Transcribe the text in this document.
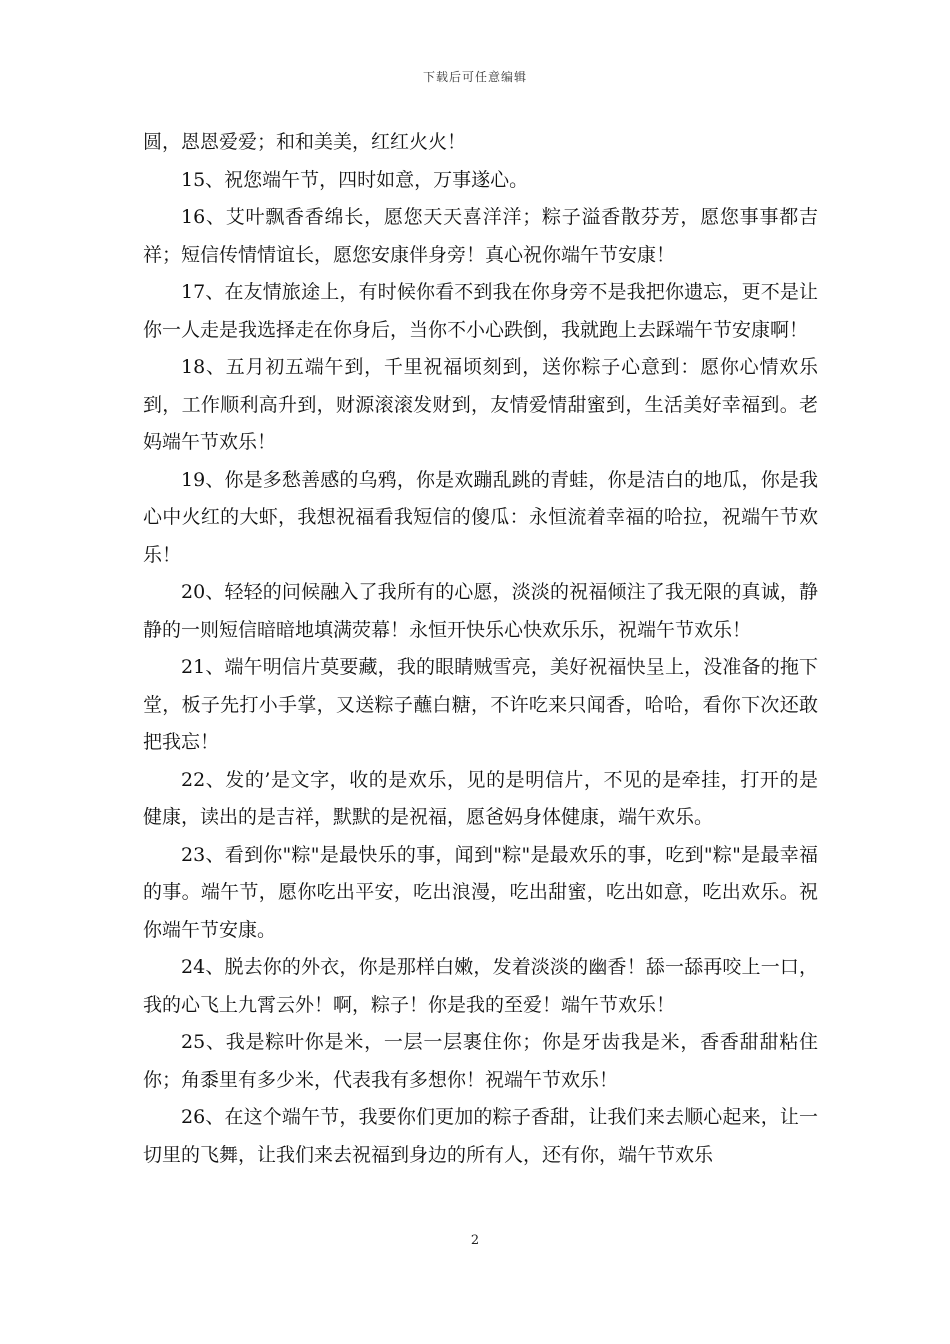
下载后可任意编辑

圆，恩恩爱爱；和和美美，红红火火！

15、祝您端午节，四时如意，万事遂心。

16、艾叶飘香香绵长，愿您天天喜洋洋；粽子溢香散芬芳，愿您事事都吉祥；短信传情情谊长，愿您安康伴身旁！真心祝你端午节安康！

17、在友情旅途上，有时候你看不到我在你身旁不是我把你遗忘，更不是让你一人走是我选择走在你身后，当你不小心跌倒，我就跑上去踩端午节安康啊！

18、五月初五端午到，千里祝福顷刻到，送你粽子心意到：愿你心情欢乐到，工作顺利高升到，财源滚滚发财到，友情爱情甜蜜到，生活美好幸福到。老妈端午节欢乐！

19、你是多愁善感的乌鸦，你是欢蹦乱跳的青蛙，你是洁白的地瓜，你是我心中火红的大虾，我想祝福看我短信的傻瓜：永恒流着幸福的哈拉，祝端午节欢乐！

20、轻轻的问候融入了我所有的心愿，淡淡的祝福倾注了我无限的真诚，静静的一则短信暗暗地填满荧幕！永恒开快乐心快欢乐乐，祝端午节欢乐！

21、端午明信片莫要藏，我的眼睛贼雪亮，美好祝福快呈上，没准备的拖下堂，板子先打小手掌，又送粽子蘸白糖，不许吃来只闻香，哈哈，看你下次还敢把我忘！

22、发的’是文字，收的是欢乐，见的是明信片，不见的是牵挂，打开的是健康，读出的是吉祥，默默的是祝福，愿爸妈身体健康，端午欢乐。

23、看到你"粽"是最快乐的事，闻到"粽"是最欢乐的事，吃到"粽"是最幸福的事。端午节，愿你吃出平安，吃出浪漫，吃出甜蜜，吃出如意，吃出欢乐。祝你端午节安康。

24、脱去你的外衣，你是那样白嫩，发着淡淡的幽香！舔一舔再咬上一口，我的心飞上九霄云外！啊，粽子！你是我的至爱！端午节欢乐！

25、我是粽叶你是米，一层一层裹住你；你是牙齿我是米，香香甜甜粘住你；角黍里有多少米，代表我有多想你！祝端午节欢乐！

26、在这个端午节，我要你们更加的粽子香甜，让我们来去顺心起来，让一切里的飞舞，让我们来去祝福到身边的所有人，还有你，端午节欢乐

2
